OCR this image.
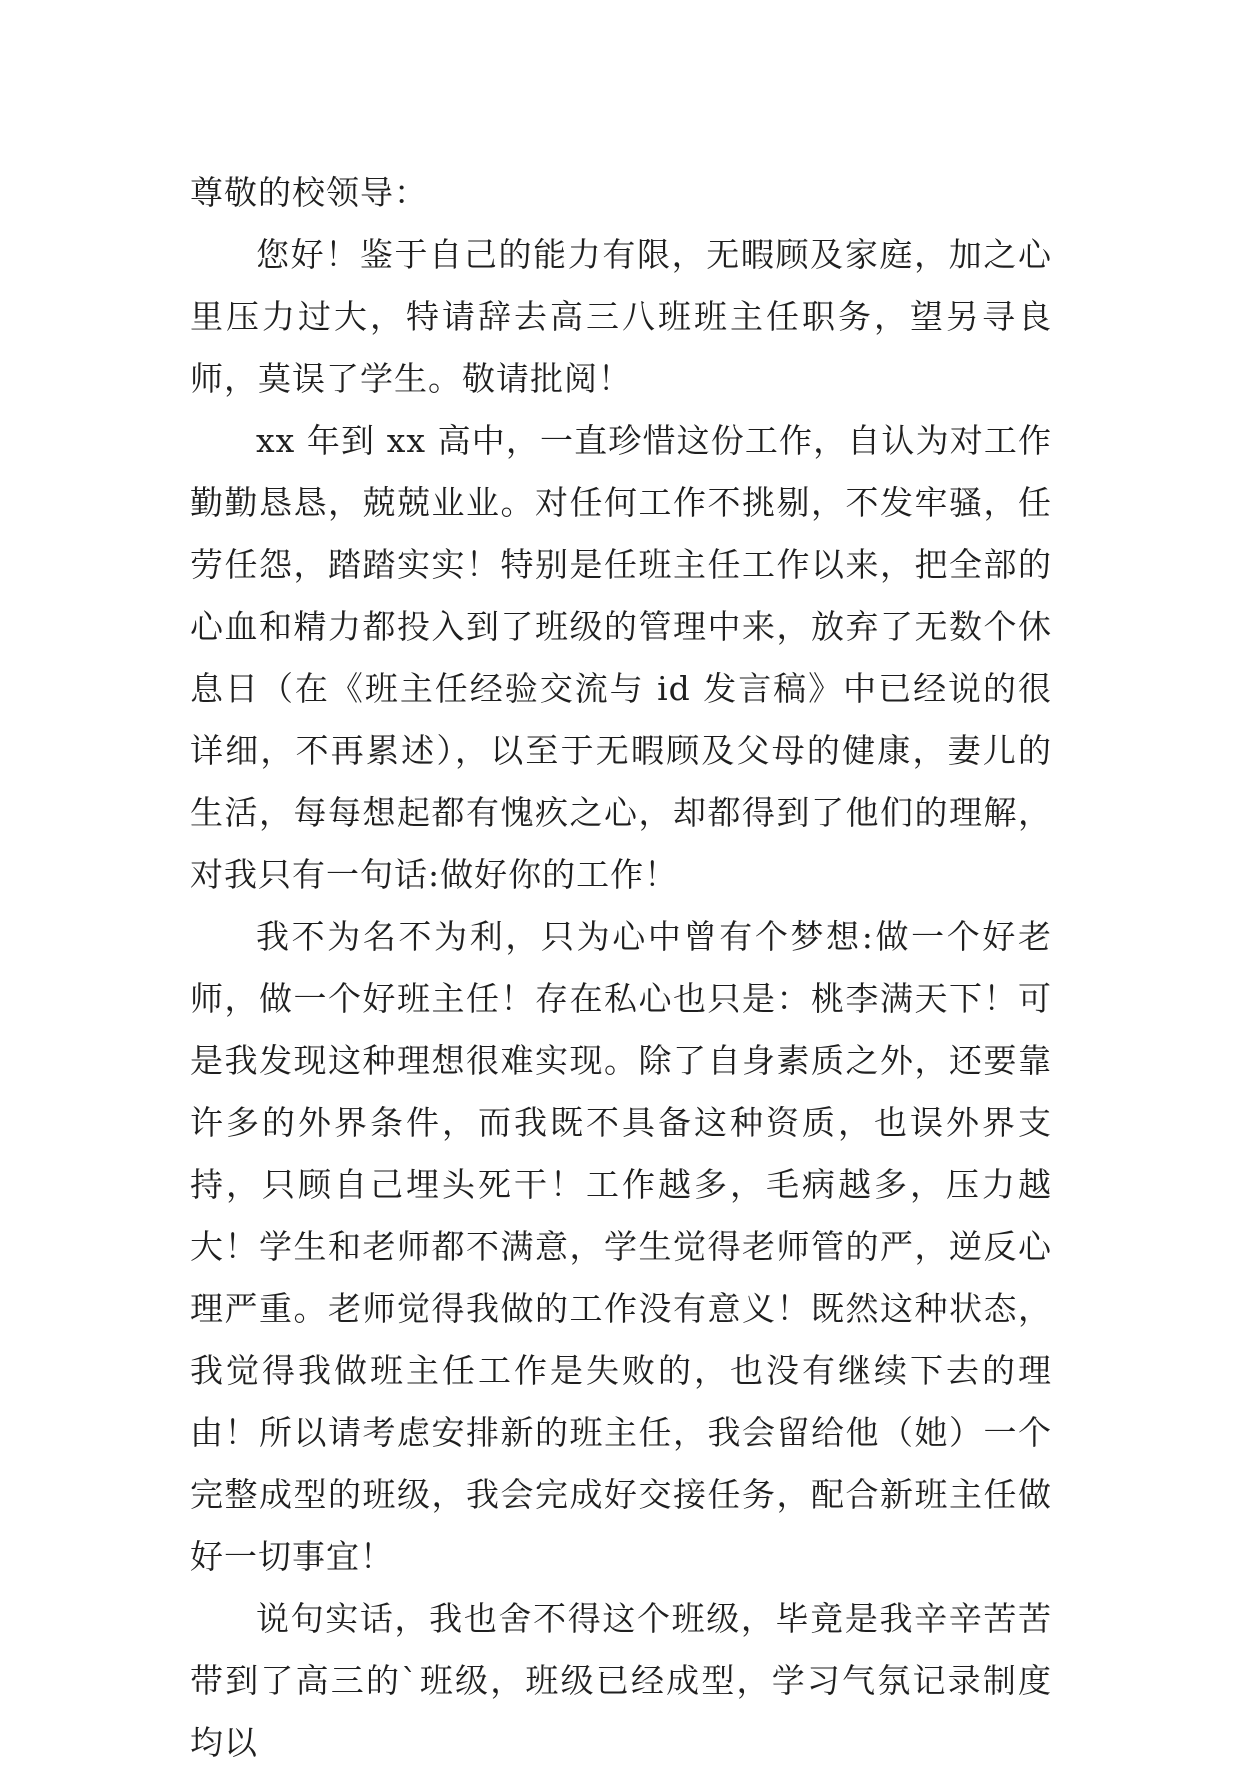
尊敬的校领导：

您好！鉴于自己的能力有限，无暇顾及家庭，加之心里压力过大，特请辞去高三八班班主任职务，望另寻良师，莫误了学生。敬请批阅！

xx 年到 xx 高中，一直珍惜这份工作，自认为对工作勤勤恳恳，兢兢业业。对任何工作不挑剔，不发牢骚，任劳任怨，踏踏实实！特别是任班主任工作以来，把全部的心血和精力都投入到了班级的管理中来，放弃了无数个休息日（在《班主任经验交流与 id 发言稿》中已经说的很详细，不再累述），以至于无暇顾及父母的健康，妻儿的生活，每每想起都有愧疚之心，却都得到了他们的理解，对我只有一句话:做好你的工作！

我不为名不为利，只为心中曾有个梦想:做一个好老师，做一个好班主任！存在私心也只是：桃李满天下！可是我发现这种理想很难实现。除了自身素质之外，还要靠许多的外界条件，而我既不具备这种资质，也误外界支持，只顾自己埋头死干！工作越多，毛病越多，压力越大！学生和老师都不满意，学生觉得老师管的严，逆反心理严重。老师觉得我做的工作没有意义！既然这种状态，我觉得我做班主任工作是失败的，也没有继续下去的理由！所以请考虑安排新的班主任，我会留给他（她）一个完整成型的班级，我会完成好交接任务，配合新班主任做好一切事宜！

说句实话，我也舍不得这个班级，毕竟是我辛辛苦苦带到了高三的`班级，班级已经成型，学习气氛记录制度均以
